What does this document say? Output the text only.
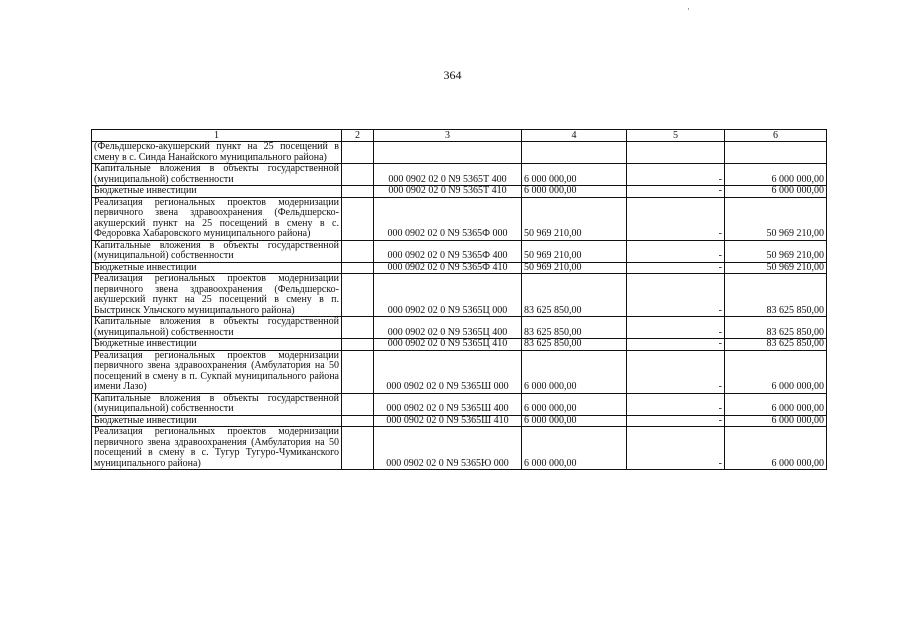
·
364
1	2	3	4	5	6
(Фельдшерско-акушерский пункт на 25 посещений в смену в с. Синда Нанайского муниципального района)					
Капитальные вложения в объекты государственной (муниципальной) собственности		000 0902 02 0 N9 5365Т 400	6 000 000,00	-	6 000 000,00
Бюджетные инвестиции		000 0902 02 0 N9 5365Т 410	6 000 000,00	-	6 000 000,00
Реализация региональных проектов модернизации первичного звена здравоохранения (Фельдшерско-акушерский пункт на 25 посещений в смену в с. Федоровка Хабаровского муниципального района)		000 0902 02 0 N9 5365Ф 000	50 969 210,00	-	50 969 210,00
Капитальные вложения в объекты государственной (муниципальной) собственности		000 0902 02 0 N9 5365Ф 400	50 969 210,00	-	50 969 210,00
Бюджетные инвестиции		000 0902 02 0 N9 5365Ф 410	50 969 210,00	-	50 969 210,00
Реализация региональных проектов модернизации первичного звена здравоохранения (Фельдшерско-акушерский пункт на 25 посещений в смену в п. Быстринск Ульчского муниципального района)		000 0902 02 0 N9 5365Ц 000	83 625 850,00	-	83 625 850,00
Капитальные вложения в объекты государственной (муниципальной) собственности		000 0902 02 0 N9 5365Ц 400	83 625 850,00	-	83 625 850,00
Бюджетные инвестиции		000 0902 02 0 N9 5365Ц 410	83 625 850,00	-	83 625 850,00
Реализация региональных проектов модернизации первичного звена здравоохранения (Амбулатория на 50 посещений в смену в п. Сукпай муниципального района имени Лазо)		000 0902 02 0 N9 5365Ш 000	6 000 000,00	-	6 000 000,00
Капитальные вложения в объекты государственной (муниципальной) собственности		000 0902 02 0 N9 5365Ш 400	6 000 000,00	-	6 000 000,00
Бюджетные инвестиции		000 0902 02 0 N9 5365Ш 410	6 000 000,00	-	6 000 000,00
Реализация региональных проектов модернизации первичного звена здравоохранения (Амбулатория на 50 посещений в смену в с. Тугур Тугуро-Чумиканского муниципального района)		000 0902 02 0 N9 5365Ю 000	6 000 000,00	-	6 000 000,00
